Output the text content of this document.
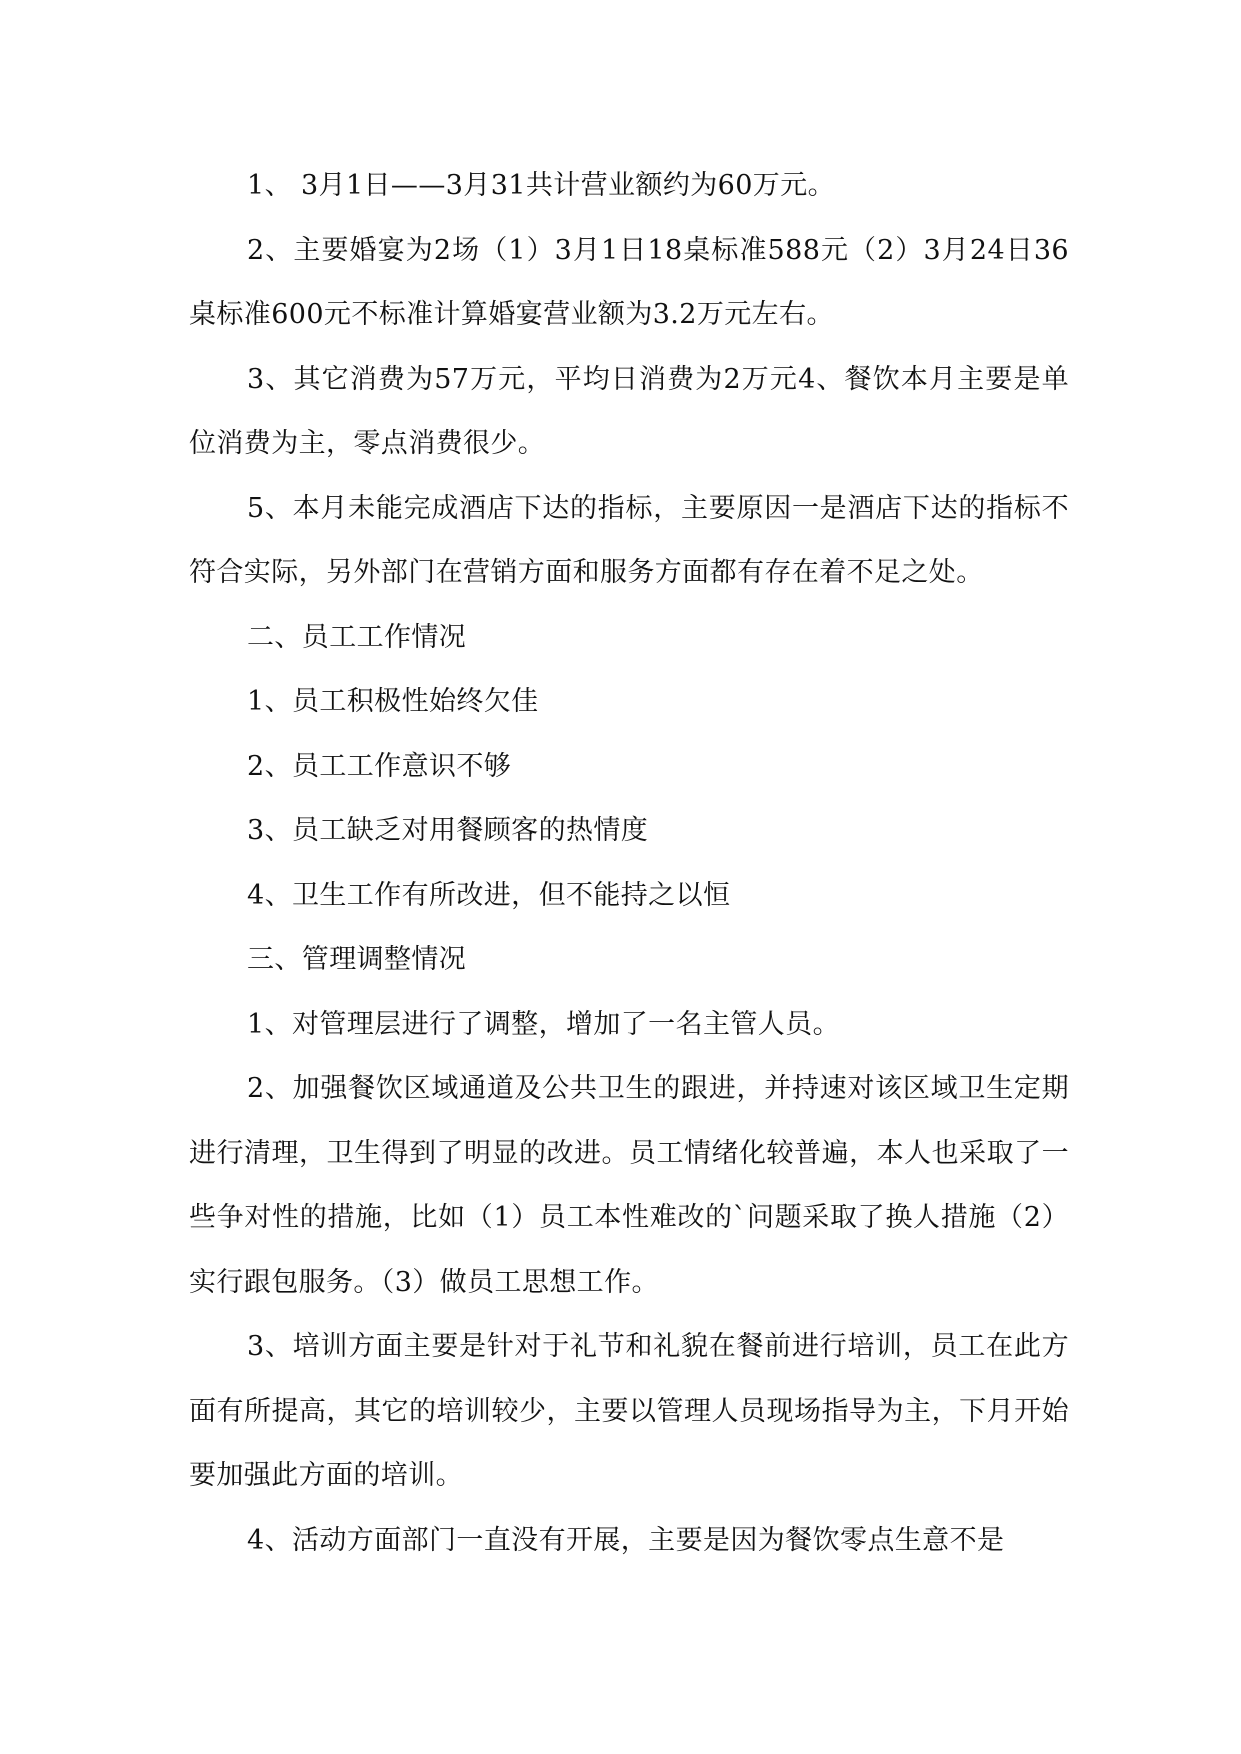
1、 3月1日——3月31共计营业额约为60万元。

2、主要婚宴为2场（1）3月1日18桌标准588元（2）3月24日36桌标准600元不标准计算婚宴营业额为3.2万元左右。

3、其它消费为57万元，平均日消费为2万元4、餐饮本月主要是单位消费为主，零点消费很少。

5、本月未能完成酒店下达的指标，主要原因一是酒店下达的指标不符合实际，另外部门在营销方面和服务方面都有存在着不足之处。

二、员工工作情况

1、员工积极性始终欠佳

2、员工工作意识不够

3、员工缺乏对用餐顾客的热情度

4、卫生工作有所改进，但不能持之以恒

三、管理调整情况

1、对管理层进行了调整，增加了一名主管人员。

2、加强餐饮区域通道及公共卫生的跟进，并持速对该区域卫生定期进行清理，卫生得到了明显的改进。员工情绪化较普遍，本人也采取了一些争对性的措施，比如（1）员工本性难改的`问题采取了换人措施（2）实行跟包服务。（3）做员工思想工作。

3、培训方面主要是针对于礼节和礼貌在餐前进行培训，员工在此方面有所提高，其它的培训较少，主要以管理人员现场指导为主，下月开始要加强此方面的培训。

4、活动方面部门一直没有开展，主要是因为餐饮零点生意不是
